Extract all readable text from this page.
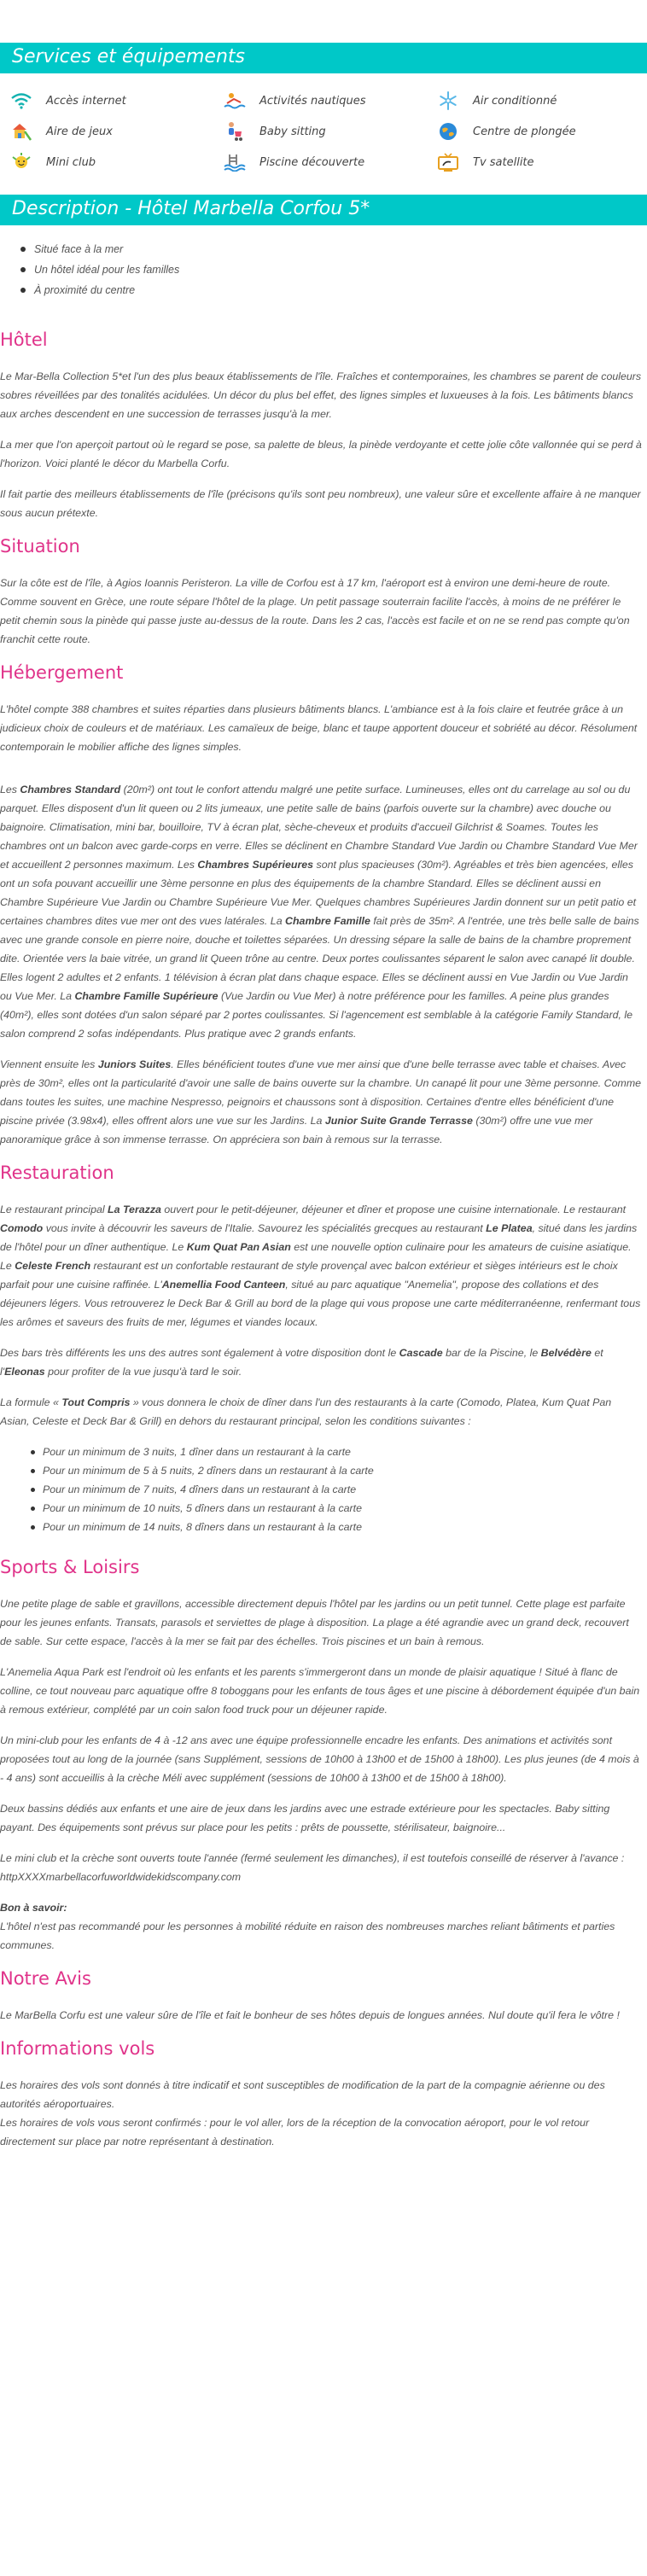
Services et équipements
Accès internet	Activités nautiques	Air conditionné
Aire de jeux	Baby sitting	Centre de plongée
Mini club	Piscine découverte	Tv satellite
Description - Hôtel Marbella Corfou 5*
Situé face à la mer
Un hôtel idéal pour les familles
À proximité du centre
Hôtel

Le Mar-Bella Collection 5*et l'un des plus beaux établissements de l'île. Fraîches et contemporaines, les chambres se parent de couleurs sobres réveillées par des tonalités acidulées. Un décor du plus bel effet, des lignes simples et luxueuses à la fois. Les bâtiments blancs aux arches descendent en une succession de terrasses jusqu'à la mer.

La mer que l'on aperçoit partout où le regard se pose, sa palette de bleus, la pinède verdoyante et cette jolie côte vallonnée qui se perd à l'horizon. Voici planté le décor du Marbella Corfu.

Il fait partie des meilleurs établissements de l'île (précisons qu'ils sont peu nombreux), une valeur sûre et excellente affaire à ne manquer sous aucun prétexte.

Situation

Sur la côte est de l'île, à Agios Ioannis Peristeron. La ville de Corfou est à 17 km, l'aéroport est à environ une demi-heure de route. Comme souvent en Grèce, une route sépare l'hôtel de la plage. Un petit passage souterrain facilite l'accès, à moins de ne préférer le petit chemin sous la pinède qui passe juste au-dessus de la route. Dans les 2 cas, l'accès est facile et on ne se rend pas compte qu'on franchit cette route.

Hébergement

L'hôtel compte 388 chambres et suites réparties dans plusieurs bâtiments blancs. L'ambiance est à la fois claire et feutrée grâce à un judicieux choix de couleurs et de matériaux. Les camaïeux de beige, blanc et taupe apportent douceur et sobriété au décor. Résolument contemporain le mobilier affiche des lignes simples.

Les Chambres Standard (20m²) ont tout le confort attendu malgré une petite surface. Lumineuses, elles ont du carrelage au sol ou du parquet. Elles disposent d'un lit queen ou 2 lits jumeaux, une petite salle de bains (parfois ouverte sur la chambre) avec douche ou baignoire. Climatisation, mini bar, bouilloire, TV à écran plat, sèche-cheveux et produits d'accueil Gilchrist & Soames. Toutes les chambres ont un balcon avec garde-corps en verre. Elles se déclinent en Chambre Standard Vue Jardin ou Chambre Standard Vue Mer et accueillent 2 personnes maximum. Les Chambres Supérieures sont plus spacieuses (30m²). Agréables et très bien agencées, elles ont un sofa pouvant accueillir une 3ème personne en plus des équipements de la chambre Standard. Elles se déclinent aussi en Chambre Supérieure Vue Jardin ou Chambre Supérieure Vue Mer. Quelques chambres Supérieures Jardin donnent sur un petit patio et certaines chambres dites vue mer ont des vues latérales. La Chambre Famille fait près de 35m². A l'entrée, une très belle salle de bains avec une grande console en pierre noire, douche et toilettes séparées. Un dressing sépare la salle de bains de la chambre proprement dite. Orientée vers la baie vitrée, un grand lit Queen trône au centre. Deux portes coulissantes séparent le salon avec canapé lit double. Elles logent 2 adultes et 2 enfants. 1 télévision à écran plat dans chaque espace. Elles se déclinent aussi en Vue Jardin ou Vue Jardin ou Vue Mer. La Chambre Famille Supérieure (Vue Jardin ou Vue Mer) à notre préférence pour les familles. A peine plus grandes (40m²), elles sont dotées d'un salon séparé par 2 portes coulissantes. Si l'agencement est semblable à la catégorie Family Standard, le salon comprend 2 sofas indépendants. Plus pratique avec 2 grands enfants.

Viennent ensuite les Juniors Suites. Elles bénéficient toutes d'une vue mer ainsi que d'une belle terrasse avec table et chaises. Avec près de 30m², elles ont la particularité d'avoir une salle de bains ouverte sur la chambre. Un canapé lit pour une 3ème personne. Comme dans toutes les suites, une machine Nespresso, peignoirs et chaussons sont à disposition. Certaines d'entre elles bénéficient d'une piscine privée (3.98x4), elles offrent alors une vue sur les Jardins. La Junior Suite Grande Terrasse (30m²) offre une vue mer panoramique grâce à son immense terrasse. On appréciera son bain à remous sur la terrasse.

Restauration

Le restaurant principal La Terazza ouvert pour le petit-déjeuner, déjeuner et dîner et propose une cuisine internationale. Le restaurant Comodo vous invite à découvrir les saveurs de l'Italie. Savourez les spécialités grecques au restaurant Le Platea, situé dans les jardins de l'hôtel pour un dîner authentique. Le Kum Quat Pan Asian est une nouvelle option culinaire pour les amateurs de cuisine asiatique. Le Celeste French restaurant est un confortable restaurant de style provençal avec balcon extérieur et sièges intérieurs est le choix parfait pour une cuisine raffinée. L'Anemellia Food Canteen, situé au parc aquatique "Anemelia", propose des collations et des déjeuners légers. Vous retrouverez le Deck Bar & Grill au bord de la plage qui vous propose une carte méditerranéenne, renfermant tous les arômes et saveurs des fruits de mer, légumes et viandes locaux.

Des bars très différents les uns des autres sont également à votre disposition dont le Cascade bar de la Piscine, le Belvédère et l'Eleonas pour profiter de la vue jusqu'à tard le soir.

La formule « Tout Compris » vous donnera le choix de dîner dans l'un des restaurants à la carte (Comodo, Platea, Kum Quat Pan Asian, Celeste et Deck Bar & Grill) en dehors du restaurant principal, selon les conditions suivantes :

Pour un minimum de 3 nuits, 1 dîner dans un restaurant à la carte
Pour un minimum de 5 à 5 nuits, 2 dîners dans un restaurant à la carte
Pour un minimum de 7 nuits, 4 dîners dans un restaurant à la carte
Pour un minimum de 10 nuits, 5 dîners dans un restaurant à la carte
Pour un minimum de 14 nuits, 8 dîners dans un restaurant à la carte
Sports & Loisirs

Une petite plage de sable et gravillons, accessible directement depuis l'hôtel par les jardins ou un petit tunnel. Cette plage est parfaite pour les jeunes enfants. Transats, parasols et serviettes de plage à disposition. La plage a été agrandie avec un grand deck, recouvert de sable. Sur cette espace, l'accès à la mer se fait par des échelles. Trois piscines et un bain à remous.

L'Anemelia Aqua Park est l'endroit où les enfants et les parents s'immergeront dans un monde de plaisir aquatique ! Situé à flanc de colline, ce tout nouveau parc aquatique offre 8 toboggans pour les enfants de tous âges et une piscine à débordement équipée d'un bain à remous extérieur, complété par un coin salon food truck pour un déjeuner rapide.

Un mini-club pour les enfants de 4 à -12 ans avec une équipe professionnelle encadre les enfants. Des animations et activités sont proposées tout au long de la journée (sans Supplément, sessions de 10h00 à 13h00 et de 15h00 à 18h00). Les plus jeunes (de 4 mois à - 4 ans) sont accueillis à la crèche Méli avec supplément (sessions de 10h00 à 13h00 et de 15h00 à 18h00).

Deux bassins dédiés aux enfants et une aire de jeux dans les jardins avec une estrade extérieure pour les spectacles. Baby sitting payant. Des équipements sont prévus sur place pour les petits : prêts de poussette, stérilisateur, baignoire...

Le mini club et la crèche sont ouverts toute l'année (fermé seulement les dimanches), il est toutefois conseillé de réserver à l'avance : httpXXXXmarbellacorfuworldwidekidscompany.com

Bon à savoir:
L'hôtel n'est pas recommandé pour les personnes à mobilité réduite en raison des nombreuses marches reliant bâtiments et parties communes.

Notre Avis

Le MarBella Corfu est une valeur sûre de l'île et fait le bonheur de ses hôtes depuis de longues années. Nul doute qu'il fera le vôtre !

Informations vols

Les horaires des vols sont donnés à titre indicatif et sont susceptibles de modification de la part de la compagnie aérienne ou des autorités aéroportuaires.

Les horaires de vols vous seront confirmés : pour le vol aller, lors de la réception de la convocation aéroport, pour le vol retour directement sur place par notre représentant à destination.
